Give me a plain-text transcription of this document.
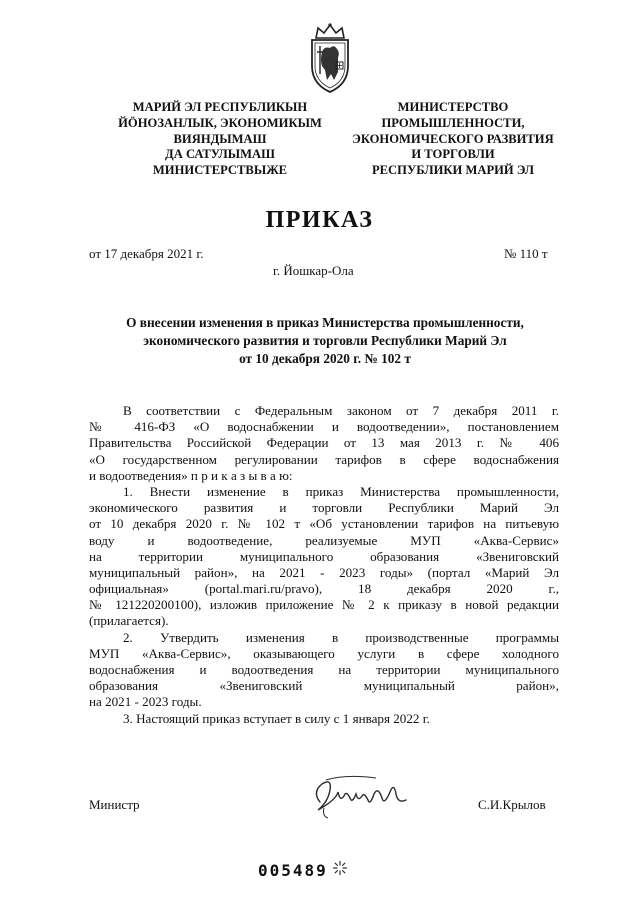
МАРИЙ ЭЛ РЕСПУБЛИКЫН
ЙӦНОЗАНЛЫК, ЭКОНОМИКЫМ
ВИЯНДЫМАШ
ДА САТУЛЫМАШ
МИНИСТЕРСТВЫЖЕ
МИНИСТЕРСТВО
ПРОМЫШЛЕННОСТИ,
ЭКОНОМИЧЕСКОГО РАЗВИТИЯ
И ТОРГОВЛИ
РЕСПУБЛИКИ МАРИЙ ЭЛ
ПРИКАЗ
от 17 декабря 2021 г.	№ 110 т
г. Йошкар-Ола
О внесении изменения в приказ Министерства промышленности,
экономического развития и торговли Республики Марий Эл
от 10 декабря 2020 г. № 102 т
В соответствии с Федеральным законом от 7 декабря 2011 г.
№ 416-ФЗ «О водоснабжении и водоотведении», постановлением
Правительства Российской Федерации от 13 мая 2013 г. № 406
«О государственном регулировании тарифов в сфере водоснабжения
и водоотведения» п р и к а з ы в а ю:
1. Внести изменение в приказ Министерства промышленности,
экономического развития и торговли Республики Марий Эл
от 10 декабря 2020 г. № 102 т «Об установлении тарифов на питьевую
воду и водоотведение, реализуемые МУП «Аква-Сервис»
на территории муниципального образования «Звениговский
муниципальный район», на 2021 - 2023 годы» (портал «Марий Эл
официальная» (portal.mari.ru/pravo), 18 декабря 2020 г.,
№ 121220200100), изложив приложение № 2 к приказу в новой редакции
(прилагается).
2. Утвердить изменения в производственные программы
МУП «Аква-Сервис», оказывающего услуги в сфере холодного
водоснабжения и водоотведения на территории муниципального
образования «Звениговский муниципальный район»,
на 2021 - 2023 годы.
3. Настоящий приказ вступает в силу с 1 января 2022 г.
Министр	С.И.Крылов
005489
